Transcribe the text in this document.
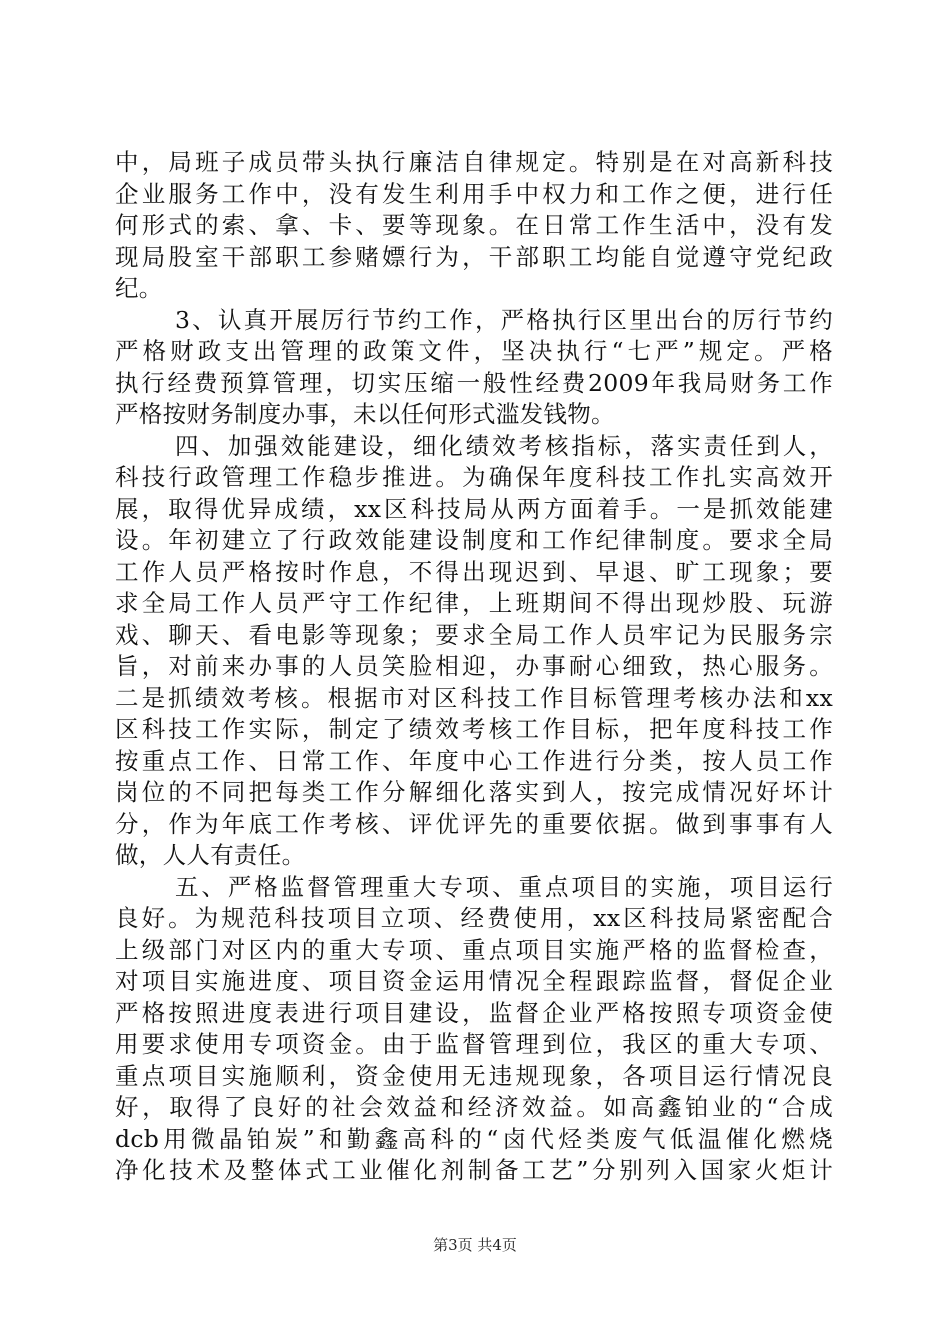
中，局班子成员带头执行廉洁自律规定。特别是在对高新科技
企业服务工作中，没有发生利用手中权力和工作之便，进行任
何形式的索、拿、卡、要等现象。在日常工作生活中，没有发
现局股室干部职工参赌嫖行为，干部职工均能自觉遵守党纪政
纪。
3、认真开展厉行节约工作，严格执行区里出台的厉行节约
严格财政支出管理的政策文件，坚决执行“七严”规定。严格
执行经费预算管理，切实压缩一般性经费2009年我局财务工作
严格按财务制度办事，未以任何形式滥发钱物。
四、加强效能建设，细化绩效考核指标，落实责任到人，
科技行政管理工作稳步推进。为确保年度科技工作扎实高效开
展，取得优异成绩，xx区科技局从两方面着手。一是抓效能建
设。年初建立了行政效能建设制度和工作纪律制度。要求全局
工作人员严格按时作息，不得出现迟到、早退、旷工现象；要
求全局工作人员严守工作纪律，上班期间不得出现炒股、玩游
戏、聊天、看电影等现象；要求全局工作人员牢记为民服务宗
旨，对前来办事的人员笑脸相迎，办事耐心细致，热心服务。
二是抓绩效考核。根据市对区科技工作目标管理考核办法和xx
区科技工作实际，制定了绩效考核工作目标，把年度科技工作
按重点工作、日常工作、年度中心工作进行分类，按人员工作
岗位的不同把每类工作分解细化落实到人，按完成情况好坏计
分，作为年底工作考核、评优评先的重要依据。做到事事有人
做，人人有责任。
五、严格监督管理重大专项、重点项目的实施，项目运行
良好。为规范科技项目立项、经费使用，xx区科技局紧密配合
上级部门对区内的重大专项、重点项目实施严格的监督检查，
对项目实施进度、项目资金运用情况全程跟踪监督，督促企业
严格按照进度表进行项目建设，监督企业严格按照专项资金使
用要求使用专项资金。由于监督管理到位，我区的重大专项、
重点项目实施顺利，资金使用无违规现象，各项目运行情况良
好，取得了良好的社会效益和经济效益。如高鑫铂业的“合成
dcb用微晶铂炭”和勤鑫高科的“卤代烃类废气低温催化燃烧
净化技术及整体式工业催化剂制备工艺”分别列入国家火炬计
第3页 共4页
